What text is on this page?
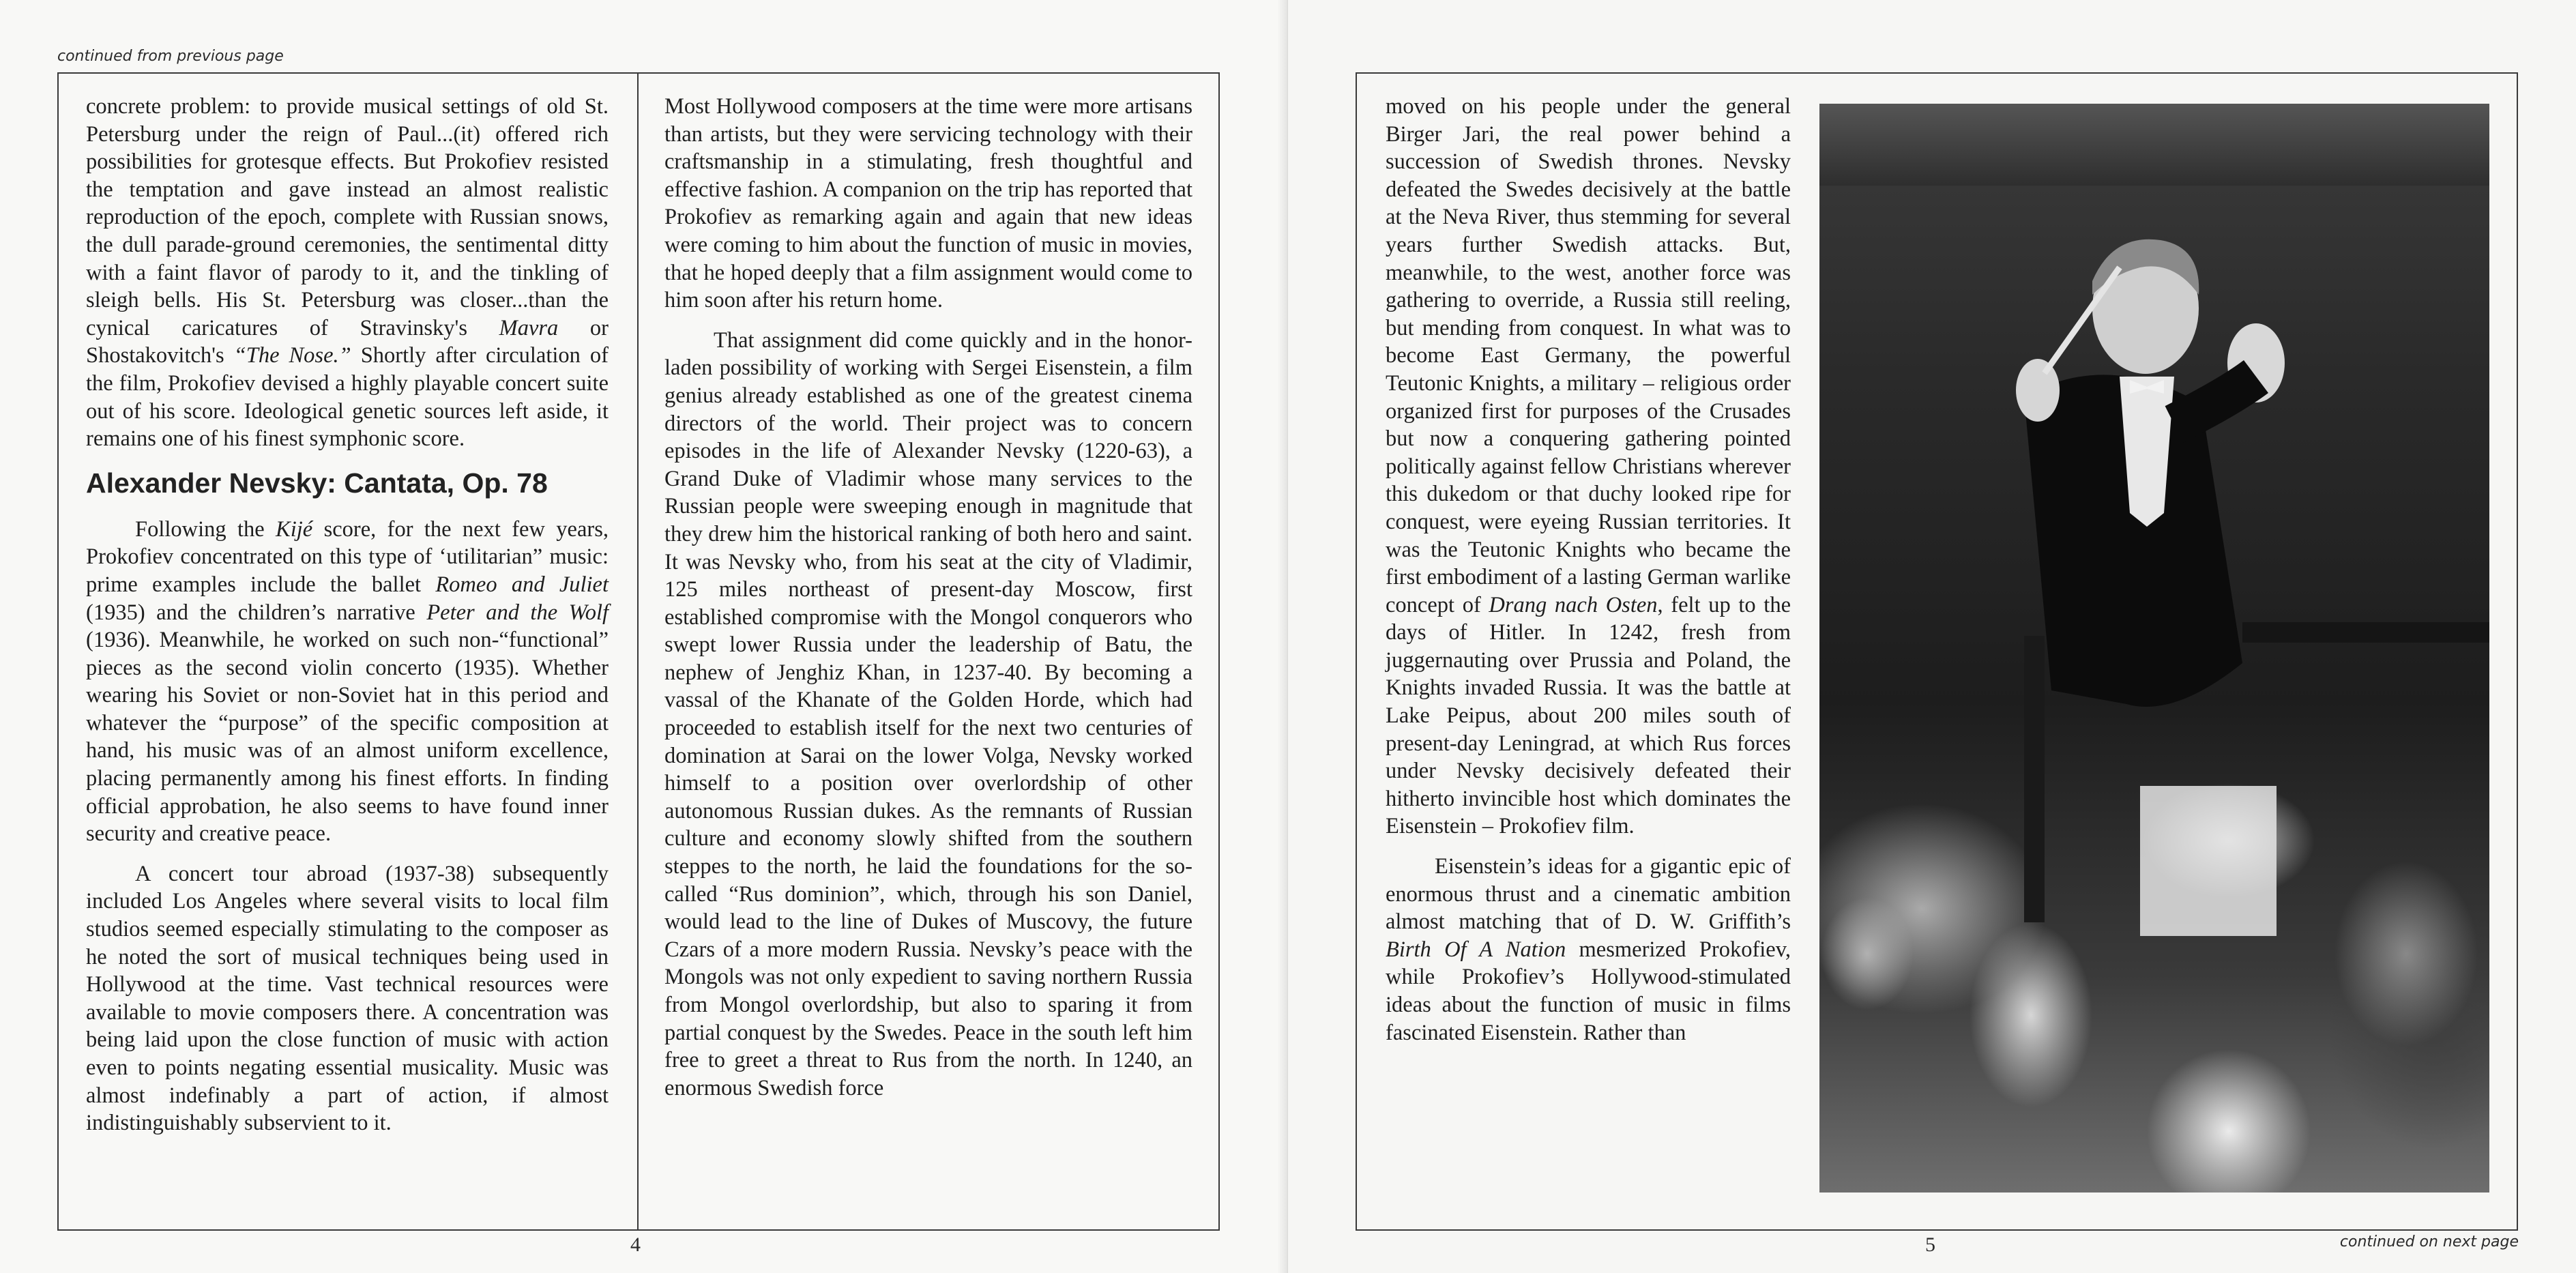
continued from previous page

concrete problem: to provide musical settings of old St. Petersburg under the reign of Paul...(it) offered rich possibilities for grotesque effects. But Prokofiev resisted the temptation and gave instead an almost realistic reproduction of the epoch, complete with Russian snows, the dull parade-ground ceremonies, the sentimental ditty with a faint flavor of parody to it, and the tinkling of sleigh bells. His St. Petersburg was closer...than the cynical caricatures of Stravinsky's Mavra or Shostakovitch's “The Nose.” Shortly after circulation of the film, Prokofiev devised a highly playable concert suite out of his score. Ideological genetic sources left aside, it remains one of his finest symphonic score.

Alexander Nevsky: Cantata, Op. 78

Following the Kijé score, for the next few years, Prokofiev concentrated on this type of ‘utilitarian” music: prime examples include the ballet Romeo and Juliet (1935) and the children’s narrative Peter and the Wolf (1936). Meanwhile, he worked on such non-“functional” pieces as the second violin concerto (1935). Whether wearing his Soviet or non-Soviet hat in this period and whatever the “purpose” of the specific composition at hand, his music was of an almost uniform excellence, placing permanently among his finest efforts. In finding official approbation, he also seems to have found inner security and creative peace.

A concert tour abroad (1937-38) subsequently included Los Angeles where several visits to local film studios seemed especially stimulating to the composer as he noted the sort of musical techniques being used in Hollywood at the time. Vast technical resources were available to movie composers there. A concentration was being laid upon the close function of music with action even to points negating essential musicality. Music was almost indefinably a part of action, if almost indistinguishably subservient to it.

Most Hollywood composers at the time were more artisans than artists, but they were servicing technology with their craftsmanship in a stimulating, fresh thoughtful and effective fashion. A companion on the trip has reported that Prokofiev as remarking again and again that new ideas were coming to him about the function of music in movies, that he hoped deeply that a film assignment would come to him soon after his return home.

That assignment did come quickly and in the honor-laden possibility of working with Sergei Eisenstein, a film genius already established as one of the greatest cinema directors of the world. Their project was to concern episodes in the life of Alexander Nevsky (1220-63), a Grand Duke of Vladimir whose many services to the Russian people were sweeping enough in magnitude that they drew him the historical ranking of both hero and saint. It was Nevsky who, from his seat at the city of Vladimir, 125 miles northeast of present-day Moscow, first established compromise with the Mongol conquerors who swept lower Russia under the leadership of Batu, the nephew of Jenghiz Khan, in 1237-40. By becoming a vassal of the Khanate of the Golden Horde, which had proceeded to establish itself for the next two centuries of domination at Sarai on the lower Volga, Nevsky worked himself to a position over overlordship of other autonomous Russian dukes. As the remnants of Russian culture and economy slowly shifted from the southern steppes to the north, he laid the foundations for the so-called “Rus dominion”, which, through his son Daniel, would lead to the line of Dukes of Muscovy, the future Czars of a more modern Russia. Nevsky’s peace with the Mongols was not only expedient to saving northern Russia from Mongol overlordship, but also to sparing it from partial conquest by the Swedes. Peace in the south left him free to greet a threat to Rus from the north. In 1240, an enormous Swedish force

4

moved on his people under the general Birger Jari, the real power behind a succession of Swedish thrones. Nevsky defeated the Swedes decisively at the battle at the Neva River, thus stemming for several years further Swedish attacks. But, meanwhile, to the west, another force was gathering to override, a Russia still reeling, but mending from conquest. In what was to become East Germany, the powerful Teutonic Knights, a military – religious order organized first for purposes of the Crusades but now a conquering gathering pointed politically against fellow Christians wherever this dukedom or that duchy looked ripe for conquest, were eyeing Russian territories. It was the Teutonic Knights who became the first embodiment of a lasting German warlike concept of Drang nach Osten, felt up to the days of Hitler. In 1242, fresh from juggernauting over Prussia and Poland, the Knights invaded Russia. It was the battle at Lake Peipus, about 200 miles south of present-day Leningrad, at which Rus forces under Nevsky decisively defeated their hitherto invincible host which dominates the Eisenstein – Prokofiev film.

Eisenstein’s ideas for a gigantic epic of enormous thrust and a cinematic ambition almost matching that of D. W. Griffith’s Birth Of A Nation mesmerized Prokofiev, while Prokofiev’s Hollywood-stimulated ideas about the function of music in films fascinated Eisenstein. Rather than

continued on next page
5
